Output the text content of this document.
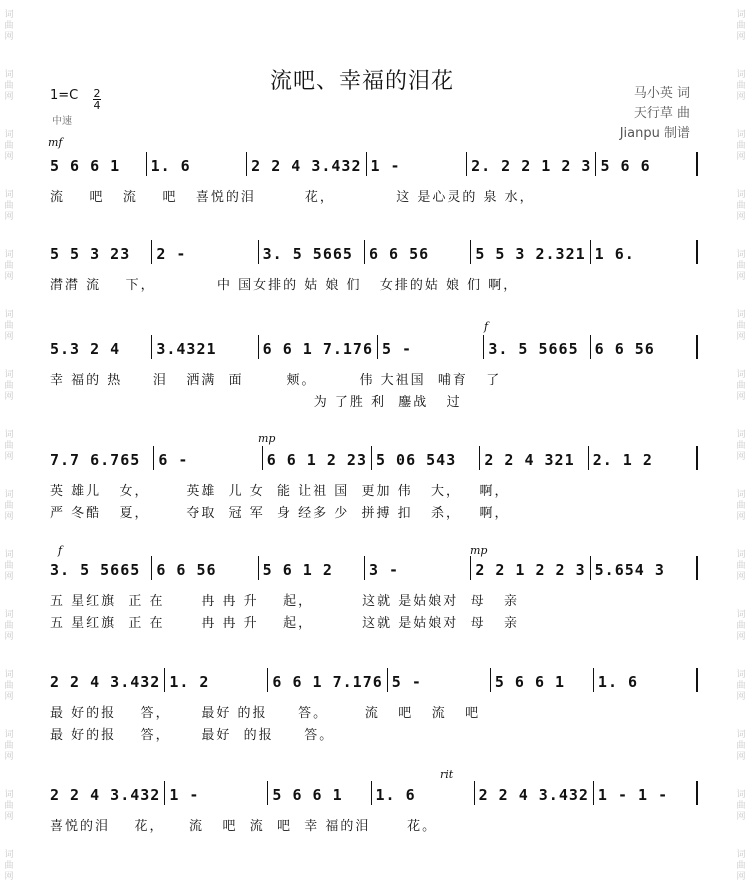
词曲网
词曲网
词曲网
词曲网
词曲网
词曲网
词曲网
词曲网
词曲网
词曲网
词曲网
词曲网
词曲网
词曲网
词曲网
词曲网
词曲网
词曲网
词曲网
词曲网
词曲网
词曲网
词曲网
词曲网
词曲网
词曲网
词曲网
词曲网
词曲网
词曲网
流吧、幸福的泪花
1=C 2
4
中速
马小英 词
天行草 曲
Jianpu 制谱
mf
f
mp
f	mp
rit
5 6 6 1	1. 6	2 2 4 3.432 1 -	2. 2 2 1 2 3 5 6 6
流    吧   流    吧   喜悦的泪        花，          这 是心灵的 泉 水，
5 5 3 23	2 -	3. 5 5665	6 6 56	5 5 3 2.321 1 6.
潸潸 流    下，          中 国女排的 姑 娘 们   女排的姑 娘 们 啊，
5.3 2 4	3.4321	6 6 1 7.176 5 -	3. 5 5665	6 6 56
幸 福的 热     泪   洒满  面       颊。       伟 大祖国  哺育   了
为 了胜 利  鏖战   过
7.7 6.765	6 -	6 6 1 2 23 5 06 543	2 2 4 321	2. 1 2
英 雄儿   女，      英雄  儿 女  能 让祖 国  更加 伟   大，   啊，
严 冬酷   夏，      夺取  冠 军  身 经多 少  拼搏 扣   杀，   啊，
3. 5 5665	6 6 56	5 6 1 2	3 -	2 2 1 2 2 3 5.654 3
五 星红旗  正 在      冉 冉 升    起，        这就 是姑娘对  母   亲
五 星红旗  正 在      冉 冉 升    起，        这就 是姑娘对  母   亲
2 2 4 3.432 1. 2	6 6 1 7.176 5 -	5 6 6 1	1. 6
最 好的报    答，     最好 的报     答。      流   吧   流   吧
最 好的报    答，     最好  的报     答。
2 2 4 3.432 1 -	5 6 6 1	1. 6	2 2 4 3.432 1 - 1 -
喜悦的泪    花，    流   吧  流  吧  幸 福的泪      花。
